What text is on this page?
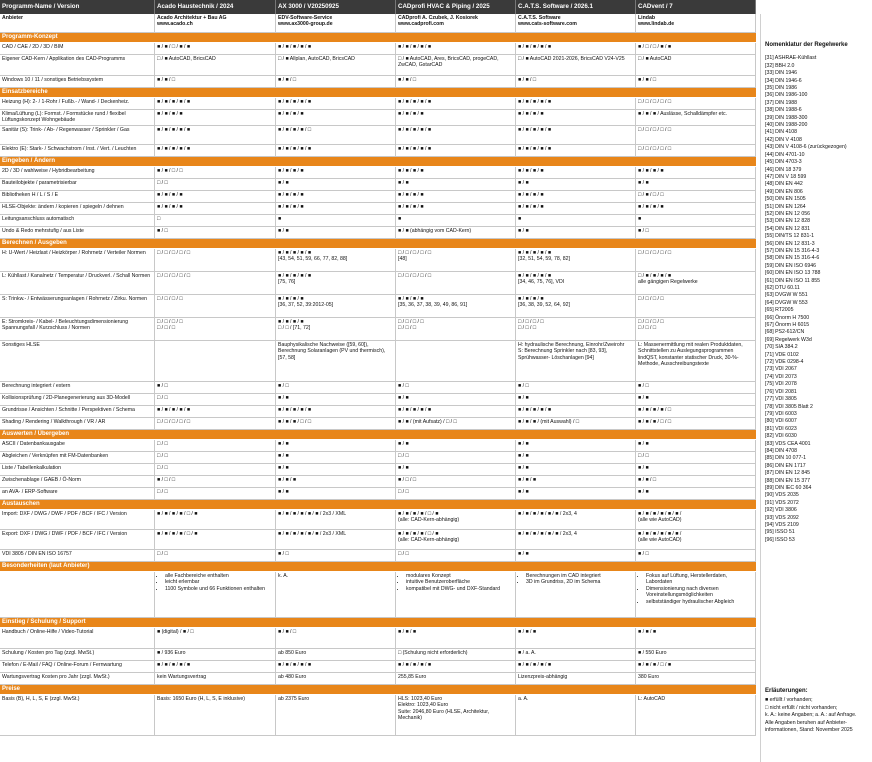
Programm-Name / Version	Acado Haustechnik / 2024	AX 3000 / V20250925	CADprofi HVAC & Piping / 2025	C.A.T.S. Software / 2026.1	CADvent / 7
Anbieter	Acado Architektur + Bau AG
www.acado.ch
EDV-Software-Service
www.ax3000-group.de
CADprofi A. Czubek, J. Kosiorek
www.cadprofi.com
C.A.T.S. Software
www.cats-software.com
Lindab
www.lindab.de
Programm-Konzept
CAD / CAE / 2D / 3D / BIM	■ / ■ / □ / ■ / ■	■ / ■ / ■ / ■ / ■	■ / ■ / ■ / ■ / ■	■ / ■ / ■ / ■ / ■	■ / □ / □ / ■ / ■
Eigener CAD-Kern / Applikation des CAD-Programms	□ / ■ AutoCAD, BricsCAD	□ / ■ Allplan, AutoCAD, BricsCAD	□ / ■ AutoCAD, Ares, BricsCAD, progeCAD, ZwCAD, GstarCAD
□ / ■ AutoCAD 2021-2026, BricsCAD V24-V25	□ / ■ AutoCAD
Windows 10 / 11 / sonstiges Betriebssystem	■ / ■ / □	■ / ■ / □	■ / ■ / □	■ / ■ / □	■ / ■ / □
Einsatzbereiche
Heizung (H): 2- / 1-Rohr / Fußb.- / Wand- / Deckenheiz.	■ / ■ / ■ / ■ / ■	■ / ■ / ■ / ■ / ■	■ / ■ / ■ / ■ / ■	■ / ■ / ■ / ■ / ■	□ / □ / □ / □ / □
Klima/Lüftung (L): Formst. / Formstücke rund / flexibel Lüftungskonzept Wohngebäude
■ / ■ / ■ / ■	■ / ■ / ■ / ■	■ / ■ / ■ / ■	■ / ■ / ■ / ■	■ / ■ / ■ / Auslässe, Schalldämpfer etc.
Sanitär (S): Trink- / Ab- / Regenwasser / Sprinkler / Gas	■ / ■ / ■ / ■ / ■	■ / ■ / ■ / ■ / □	■ / ■ / ■ / ■ / ■	■ / ■ / ■ / ■ / ■	□ / □ / □ / □ / □
Elektro (E): Stark- / Schwachstrom / Inst. / Vert. / Leuchten	■ / ■ / ■ / ■ / ■	■ / ■ / ■ / ■ / ■	■ / ■ / ■ / ■ / ■	■ / ■ / ■ / ■ / ■	□ / □ / □ / □ / □
Eingeben / Ändern
2D / 3D / wahlweise / Hybridbearbeitung	■ / ■ / □ / □	■ / ■ / ■ / ■	■ / ■ / ■ / ■	■ / ■ / ■ / ■	■ / ■ / ■ / ■
Bauteilobjekte / parametrisierbar	□ / □	■ / ■	■ / ■	■ / ■	■ / ■
Bibliotheken H / L / S / E	■ / ■ / ■ / ■	■ / ■ / ■ / ■	■ / ■ / ■ / ■	■ / ■ / ■ / ■	□ / ■ / □ / □
HLSE-Objekte: ändern / kopieren / spiegeln / dehnen	■ / ■ / ■ / ■	■ / ■ / ■ / ■	■ / ■ / ■ / ■	■ / ■ / ■ / ■	■ / ■ / ■ / ■
Leitungsanschluss automatisch	□	■	■	■	■
Undo & Redo mehrstufig / aus Liste	■ / □	■ / ■	■ / ■ (abhängig vom CAD-Kern)	■ / ■	■ / □
Berechnen / Ausgeben
H: U-Wert / Heizlast / Heizkörper / Rohrnetz / Verteiler Normen	□ / □ / □ / □ / □	■ / ■ / ■ / ■ / ■
[43, 54, 51, 59, 66, 77, 82, 88]
□ / □ / □ / □ / □
[48]
■ / ■ / ■ / ■ / ■
[32, 51, 54, 59, 78, 82]
□ / □ / □ / □ / □
L: Kühllast / Kanalnetz / Temperatur / Druckverl. / Schall Normen	□ / □ / □ / □ / □	■ / ■ / ■ / ■ / ■
[75, 76]
□ / □ / □ / □ / □	■ / ■ / ■ / ■ / ■
[34, 46, 75, 76], VDI
□ / ■ / ■ / ■ / ■
alle gängigen Regelwerke
S: Trinkw.- / Entwässerungsanlagen / Rohrnetz / Zirku. Normen	□ / □ / □ / □	■ / ■ / ■ / ■
[36, 37, 52, 39:2012-05]
■ / ■ / ■ / ■
[35, 36, 37, 38, 39, 49, 86, 91]
■ / ■ / ■ / ■
[36, 38, 39, 52, 64, 92]
□ / □ / □ / □
E: Stromkreis- / Kabel- / Beleuchtungsdimensionierung Spannungsfall / Kurzschluss / Normen
□ / □ / □ / □
□ / □ / □
■ / ■ / ■ / ■
□ / □ / [71, 72]
□ / □ / □ / □
□ / □ / □
□ / □ / □ / □
□ / □ / □
□ / □ / □ / □
□ / □ / □
Sonstiges HLSE	Bauphysikalische Nachweise ([59, 60]), Berechnung Solaranlagen (PV und thermisch), [57, 58]
H: hydraulische Berechnung, Einrohr/Zweirohr
S: Berechnung Sprinkler nach [83, 93], Sprühwasser- Löschanlagen [94]
L: Massenermittlung mit realen Produktdaten, Schnittstellen zu Auslegungsprogrammen lindQST, konstanter statischer Druck, 30-%-Methode, Ausschreibungstexte
Berechnung integriert / extern	■ / □	■ / □	■ / □	■ / □	■ / □
Kollisionsprüfung / 2D-Planegenerierung aus 3D-Modell	□ / □	■ / ■	■ / ■	■ / ■	■ / ■
Grundrisse / Ansichten / Schnitte / Perspektiven / Schema	■ / ■ / ■ / ■ / ■	■ / ■ / ■ / ■ / ■	■ / ■ / ■ / ■ / ■	■ / ■ / ■ / ■ / ■	■ / ■ / ■ / ■ / □
Shading / Rendering / Walkthrough / VR / AR	□ / □ / □ / □ / □	■ / ■ / ■ / □ / □	■ / ■ / (mit Aufsatz) / □ / □	■ / ■ / ■ / (mit Auswahl) / □	■ / ■ / ■ / □ / □
Auswerten / Übergeben
ASCII / Datenbankausgabe	□ / □	■ / ■	■ / ■	■ / ■	■ / ■
Abgleichen / Verknüpfen mit FM-Datenbanken	□ / □	■ / ■	□ / □	■ / ■	□ / □
Liste / Tabellenkalkulation	□ / □	■ / ■	■ / ■	■ / ■	■ / ■
Zwischenablage / GAEB / Ö-Norm	■ / □ / □	■ / ■ / ■	■ / □ / □	■ / ■ / ■	■ / ■ / □
an AVA- / ERP-Software	□ / □	■ / ■	□ / □	■ / ■	■ / ■
Austauschen
Import: DXF / DWG / DWF / PDF / BCF / IFC / Version	■ / ■ / ■ / ■ / □ / ■	■ / ■ / ■ / ■ / ■ / ■ / 2x3 / XML	■ / ■ / ■ / ■ / □ / ■
(alle: CAD-Kern-abhängig)
■ / ■ / ■ / ■ / ■ / ■ / 2x3, 4	■ / ■ / ■ / ■ / ■ / ■ /
(alle wie AutoCAD)
Export: DXF / DWG / DWF / PDF / BCF / IFC / Version	■ / ■ / ■ / ■ / □ / ■	■ / ■ / ■ / ■ / ■ / ■ / 2x3 / XML	■ / ■ / ■ / ■ / □ / ■
(alle: CAD-Kern-abhängig)
■ / ■ / ■ / ■ / ■ / ■ / 2x3, 4	■ / ■ / ■ / ■ / ■ / ■ /
(alle wie AutoCAD)
VDI 3805 / DIN EN ISO 16757	□ / □	■ / □	□ / □	■ / ■	■ / □
Besonderheiten (laut Anbieter)
• alle Fachbereiche enthalten
• leicht erlernbar
• 1100 Symbole und 66 Funktionen enthalten
k. A.
•	modulares Konzept
• intuitive Benutzeroberfläche
• kompatibel mit DWG- und DXF-Standard
• Berechnungen im CAD integriert
• 3D im Grundriss, 2D im Schema
• Fokus auf Lüftung, Herstellerdaten, Labordaten
• Dimensionierung nach diversen Voreinstellungsmöglichkeiten
• selbstständiger hydraulischer Abgleich
Einstieg / Schulung / Support
Handbuch / Online-Hilfe / Video-Tutorial	■ (digital) / ■ / □	■ / ■ / □	■ / ■ / ■	■ / ■ / ■	■ / ■ / ■
Schulung / Kosten pro Tag (zzgl. MwSt.)	■ / 936 Euro	ab 850 Euro	□ (Schulung nicht erforderlich)	■ / a. A.	■ / 550 Euro
Telefon / E-Mail / FAQ / Online-Forum / Fernwartung	■ / ■ / ■ / ■ / ■	■ / ■ / ■ / ■ / ■	■ / ■ / ■ / ■ / ■	■ / ■ / ■ / ■ / ■	■ / ■ / ■ / □ / ■
Wartungsvertrag Kosten pro Jahr (zzgl. MwSt.)	kein Wartungsvertrag	ab 480 Euro	255,85 Euro	Lizenzpreis-abhängig	380 Euro
Preise
Basis (B), H, L, S, E (zzgl. MwSt.)	Basis: 1650 Euro (H, L, S, E inklusive)	ab 2375 Euro	HLS: 1023,40 Euro
Elektro: 1023,40 Euro
Suite: 2046,80 Euro (HLSE, Architektur, Mechanik)
a. A.	L: AutoCAD
Nomenklatur der Regelwerke
[31] ASHRAE-Kühllast
[32] BBH 2.0
[33] DIN 1946
[34] DIN 1946-6
[35] DIN 1986
[36] DIN 1986-100
[37] DIN 1988
[38] DIN 1988-6
[39] DIN 1988-300
[40] DIN 1988-200
[41] DIN 4108
[42] DIN V 4108
[43] DIN V 4108-6 (zurückgezogen)
[44] DIN 4701-10
[45] DIN 4703-3
[46] DIN 18 379
[47] DIN V 18 599
[48] DIN EN 442
[49] DIN EN 806
[50] DIN EN 1505
[51] DIN EN 1264
[52] DIN EN 12 056
[53] DIN EN 12 828
[54] DIN EN 12 831
[55] DIN/TS 12 831-1
[56] DIN EN 12 831-3
[57] DIN EN 15 316-4-3
[58] DIN EN 15 316-4-6
[59] DIN EN ISO 6946
[60] DIN EN ISO 13 788
[61] DIN EN ISO 11 855
[62] DTU 60.11
[63] DVGW W 551
[64] DVGW W 553
[65] RT2005
[66] Önorm H 7500
[67] Önorm H 6015
[68] PS2-612/CN
[69] Regelwerk W3d
[70] SIA 384.2
[71] VDE 0102
[72] VDE 0298-4
[73] VDI 2067
[74] VDI 2073
[75] VDI 2078
[76] VDI 2081
[77] VDI 3805
[78] VDI 3805 Blatt 2
[79] VDI 6003
[80] VDI 6007
[81] VDI 6023
[82] VDI 6030
[83] VDS CEA 4001
[84] DIN 4708
[85] DIN 10 077-1
[86] DIN EN 1717
[87] DIN EN 12 845
[88] DIN EN 15 377
[89] DIN IEC 60 364
[90] VDS 2035
[91] VDS 2072
[92] VDI 3806
[93] VDS 2092
[94] VDS 2109
[95] ISSO 51
[96] ISSO 53
Erläuterungen:
■ erfüllt / vorhanden;
□ nicht erfüllt / nicht vorhanden;
k. A.: keine Angaben; a. A.: auf Anfrage.
Alle Angaben beruhen auf Anbieter-
informationen, Stand: November 2025
